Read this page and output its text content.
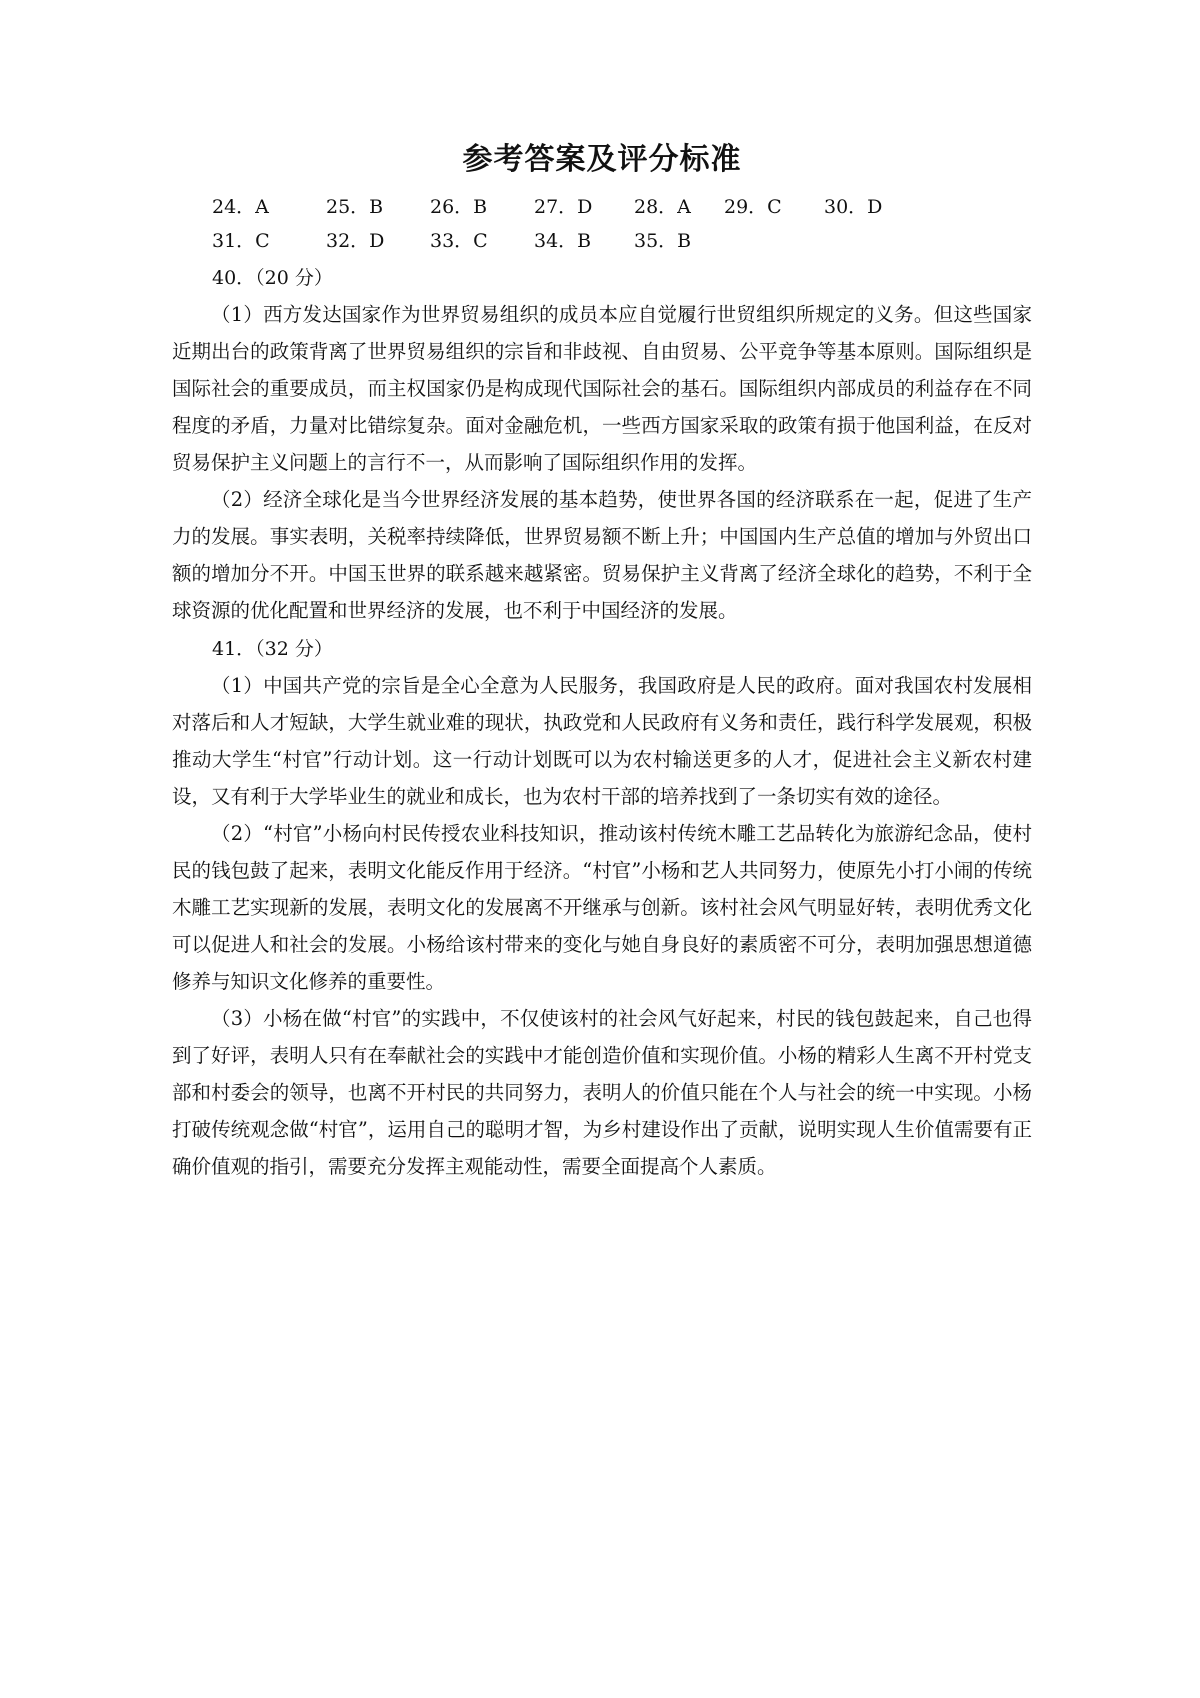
参考答案及评分标准
24．A	25．B	26．B	27．D	28．A	29．C	30．D
31．C	32．D	33．C	34．B	35．B
40．（20 分）

（1）西方发达国家作为世界贸易组织的成员本应自觉履行世贸组织所规定的义务。但这些国家近期出台的政策背离了世界贸易组织的宗旨和非歧视、自由贸易、公平竞争等基本原则。国际组织是国际社会的重要成员，而主权国家仍是构成现代国际社会的基石。国际组织内部成员的利益存在不同程度的矛盾，力量对比错综复杂。面对金融危机，一些西方国家采取的政策有损于他国利益，在反对贸易保护主义问题上的言行不一，从而影响了国际组织作用的发挥。

（2）经济全球化是当今世界经济发展的基本趋势，使世界各国的经济联系在一起，促进了生产力的发展。事实表明，关税率持续降低，世界贸易额不断上升；中国国内生产总值的增加与外贸出口额的增加分不开。中国玉世界的联系越来越紧密。贸易保护主义背离了经济全球化的趋势，不利于全球资源的优化配置和世界经济的发展，也不利于中国经济的发展。

41．（32 分）

（1）中国共产党的宗旨是全心全意为人民服务，我国政府是人民的政府。面对我国农村发展相对落后和人才短缺，大学生就业难的现状，执政党和人民政府有义务和责任，践行科学发展观，积极推动大学生“村官”行动计划。这一行动计划既可以为农村输送更多的人才，促进社会主义新农村建设，又有利于大学毕业生的就业和成长，也为农村干部的培养找到了一条切实有效的途径。

（2）“村官”小杨向村民传授农业科技知识，推动该村传统木雕工艺品转化为旅游纪念品，使村民的钱包鼓了起来，表明文化能反作用于经济。“村官”小杨和艺人共同努力，使原先小打小闹的传统木雕工艺实现新的发展，表明文化的发展离不开继承与创新。该村社会风气明显好转，表明优秀文化可以促进人和社会的发展。小杨给该村带来的变化与她自身良好的素质密不可分，表明加强思想道德修养与知识文化修养的重要性。

（3）小杨在做“村官”的实践中，不仅使该村的社会风气好起来，村民的钱包鼓起来，自己也得到了好评，表明人只有在奉献社会的实践中才能创造价值和实现价值。小杨的精彩人生离不开村党支部和村委会的领导，也离不开村民的共同努力，表明人的价值只能在个人与社会的统一中实现。小杨打破传统观念做“村官”，运用自己的聪明才智，为乡村建设作出了贡献，说明实现人生价值需要有正确价值观的指引，需要充分发挥主观能动性，需要全面提高个人素质。
